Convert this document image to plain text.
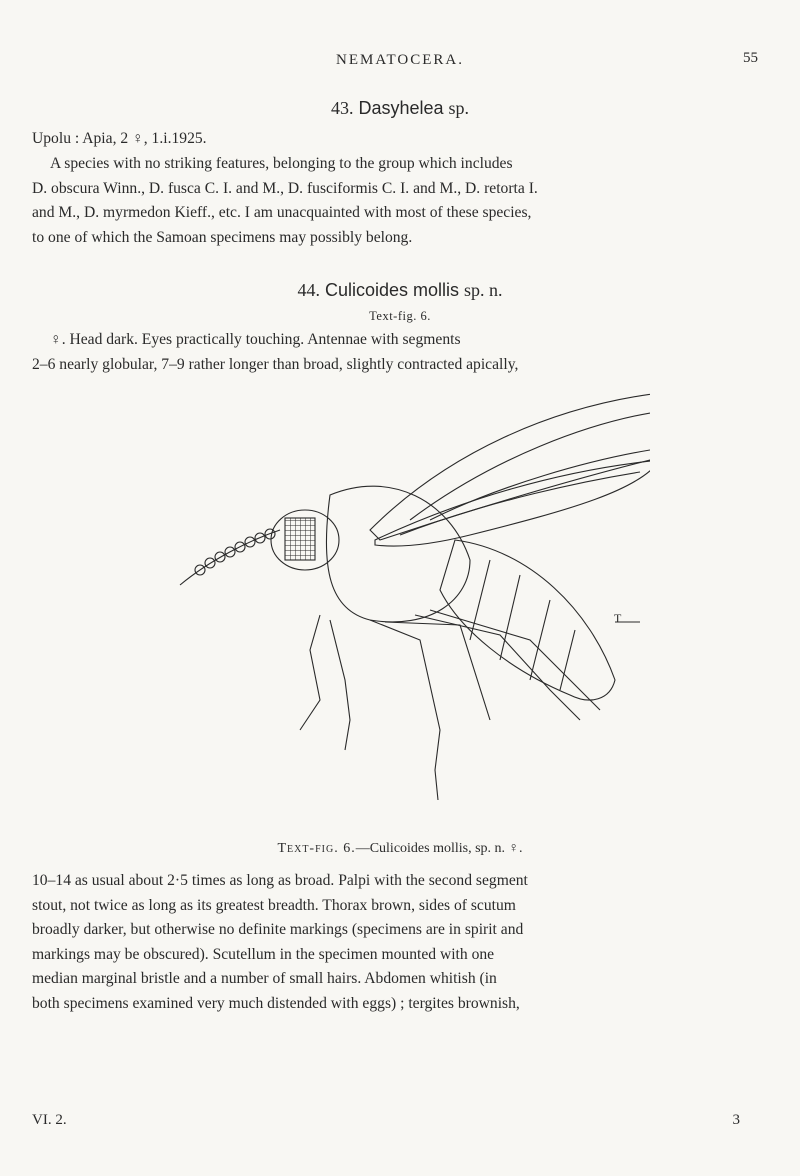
NEMATOCERA.	55
43. Dasyhelea sp.
Upolu : Apia, 2 ♀, 1.i.1925.
A species with no striking features, belonging to the group which includes
D. obscura Winn., D. fusca C. I. and M., D. fusciformis C. I. and M., D. retorta I.
and M., D. myrmedon Kieff., etc. I am unacquainted with most of these species,
to one of which the Samoan specimens may possibly belong.
44. Culicoides mollis sp. n.
Text-fig. 6.
♀. Head dark. Eyes practically touching. Antennae with segments
2–6 nearly globular, 7–9 rather longer than broad, slightly contracted apically,
T
Text-fig. 6.—Culicoides mollis, sp. n. ♀.
10–14 as usual about 2·5 times as long as broad. Palpi with the second segment
stout, not twice as long as its greatest breadth. Thorax brown, sides of scutum
broadly darker, but otherwise no definite markings (specimens are in spirit and
markings may be obscured). Scutellum in the specimen mounted with one
median marginal bristle and a number of small hairs. Abdomen whitish (in
both specimens examined very much distended with eggs) ; tergites brownish,
VI. 2.	3
